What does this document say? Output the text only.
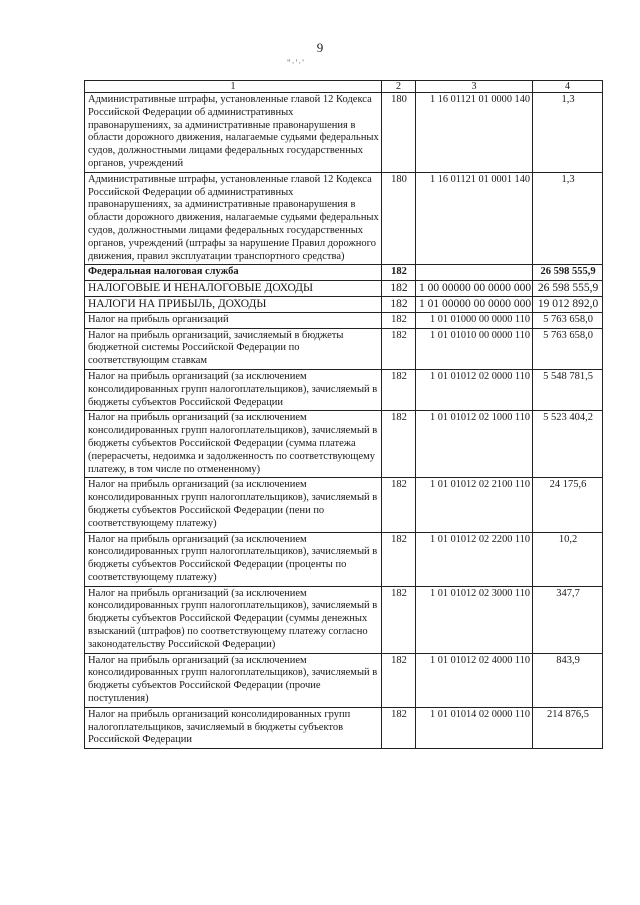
9
"·'·'
1	2	3	4
Административные штрафы, установленные главой 12 Кодекса Российской Федерации об административных правонарушениях, за административные правонарушения в области дорожного движения, налагаемые судьями федеральных судов, должностными лицами федеральных государственных органов, учреждений	180	1 16 01121 01 0000 140	1,3
Административные штрафы, установленные главой 12 Кодекса Российской Федерации об административных правонарушениях, за административные правонарушения в области дорожного движения, налагаемые судьями федеральных судов, должностными лицами федеральных государственных органов, учреждений (штрафы за нарушение Правил дорожного движения, правил эксплуатации транспортного средства)	180	1 16 01121 01 0001 140	1,3
Федеральная налоговая служба	182		26 598 555,9
НАЛОГОВЫЕ И НЕНАЛОГОВЫЕ ДОХОДЫ	182	1 00 00000 00 0000 000	26 598 555,9
НАЛОГИ НА ПРИБЫЛЬ, ДОХОДЫ	182	1 01 00000 00 0000 000	19 012 892,0
Налог на прибыль организаций	182	1 01 01000 00 0000 110	5 763 658,0
Налог на прибыль организаций, зачисляемый в бюджеты бюджетной системы Российской Федерации по соответствующим ставкам	182	1 01 01010 00 0000 110	5 763 658,0
Налог на прибыль организаций (за исключением консолидированных групп налогоплательщиков), зачисляемый в бюджеты субъектов Российской Федерации	182	1 01 01012 02 0000 110	5 548 781,5
Налог на прибыль организаций (за исключением консолидированных групп налогоплательщиков), зачисляемый в бюджеты субъектов Российской Федерации (сумма платежа (перерасчеты, недоимка и задолженность по соответствующему платежу, в том числе по отмененному)	182	1 01 01012 02 1000 110	5 523 404,2
Налог на прибыль организаций (за исключением консолидированных групп налогоплательщиков), зачисляемый в бюджеты субъектов Российской Федерации (пени по соответствующему платежу)	182	1 01 01012 02 2100 110	24 175,6
Налог на прибыль организаций (за исключением консолидированных групп налогоплательщиков), зачисляемый в бюджеты субъектов Российской Федерации (проценты по соответствующему платежу)	182	1 01 01012 02 2200 110	10,2
Налог на прибыль организаций (за исключением консолидированных групп налогоплательщиков), зачисляемый в бюджеты субъектов Российской Федерации (суммы денежных взысканий (штрафов) по соответствующему платежу согласно законодательству Российской Федерации)	182	1 01 01012 02 3000 110	347,7
Налог на прибыль организаций (за исключением консолидированных групп налогоплательщиков), зачисляемый в бюджеты субъектов Российской Федерации (прочие поступления)	182	1 01 01012 02 4000 110	843,9
Налог на прибыль организаций консолидированных групп налогоплательщиков, зачисляемый в бюджеты субъектов Российской Федерации	182	1 01 01014 02 0000 110	214 876,5
